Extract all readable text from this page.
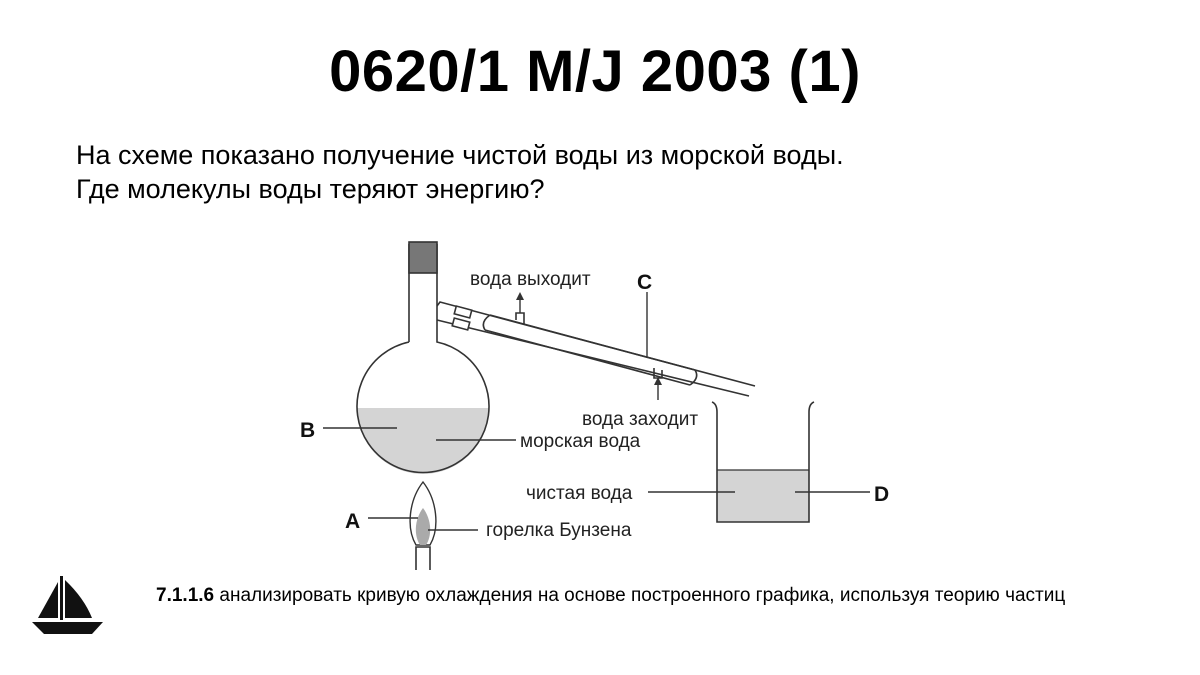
0620/1 M/J 2003 (1)
На схеме показано получение чистой воды из морской воды.
Где молекулы воды теряют энергию?
вода выходит
вода заходит
морская вода
чистая вода
горелка Бунзена
A
B
C
D
7.1.1.6 анализировать кривую охлаждения на основе построенного графика, используя теорию частиц
